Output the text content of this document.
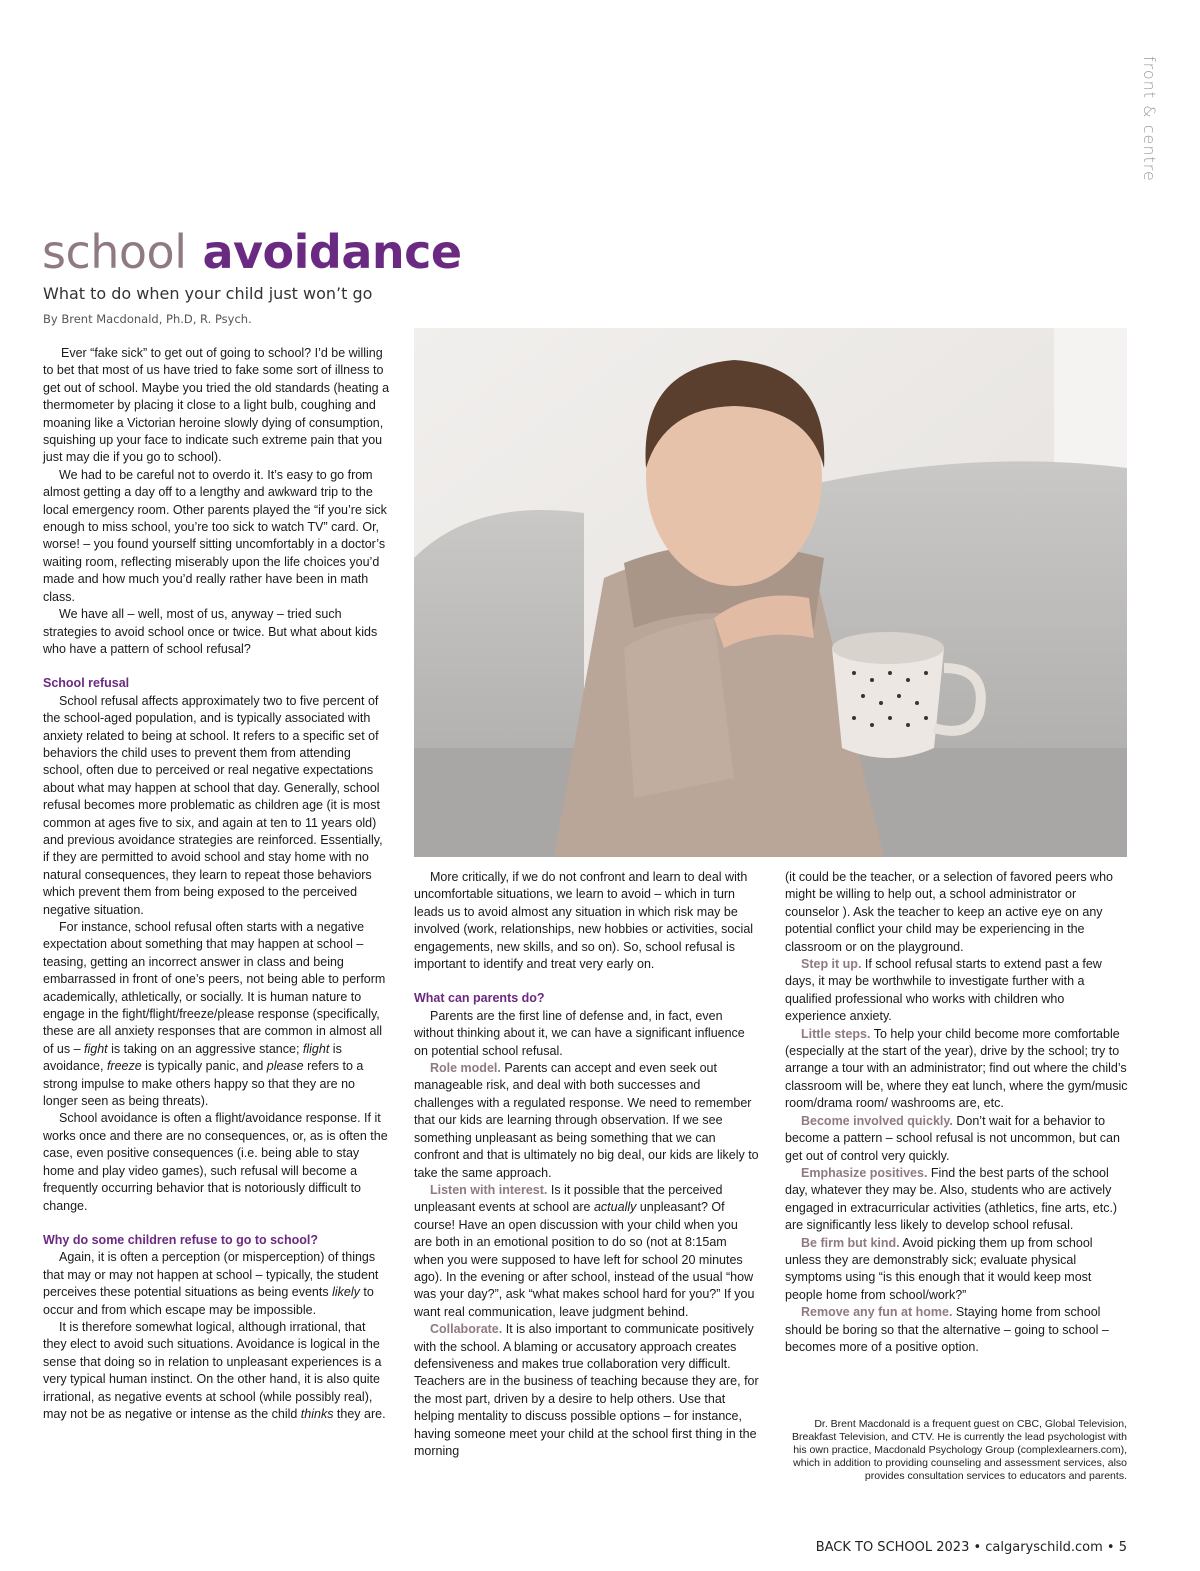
front & centre
school avoidance
What to do when your child just won’t go
By Brent Macdonald, Ph.D, R. Psych.

Ever “fake sick” to get out of going to school? I’d be willing to bet that most of us have tried to fake some sort of illness to get out of school. Maybe you tried the old standards (heating a thermometer by placing it close to a light bulb, coughing and moaning like a Victorian heroine slowly dying of consumption, squishing up your face to indicate such extreme pain that you just may die if you go to school).

We had to be careful not to overdo it. It’s easy to go from almost getting a day off to a lengthy and awkward trip to the local emergency room. Other parents played the “if you’re sick enough to miss school, you’re too sick to watch TV” card. Or, worse! – you found yourself sitting uncomfortably in a doctor’s waiting room, reflecting miserably upon the life choices you’d made and how much you’d really rather have been in math class.

We have all – well, most of us, anyway – tried such strategies to avoid school once or twice. But what about kids who have a pattern of school refusal?

School refusal

School refusal affects approximately two to five percent of the school-aged population, and is typically associated with anxiety related to being at school. It refers to a specific set of behaviors the child uses to prevent them from attending school, often due to perceived or real negative expectations about what may happen at school that day. Generally, school refusal becomes more problematic as children age (it is most common at ages five to six, and again at ten to 11 years old) and previous avoidance strategies are reinforced. Essentially, if they are permitted to avoid school and stay home with no natural consequences, they learn to repeat those behaviors which prevent them from being exposed to the perceived negative situation.

For instance, school refusal often starts with a negative expectation about something that may happen at school – teasing, getting an incorrect answer in class and being embarrassed in front of one’s peers, not being able to perform academically, athletically, or socially. It is human nature to engage in the fight/flight/freeze/please response (specifically, these are all anxiety responses that are common in almost all of us – fight is taking on an aggressive stance; flight is avoidance, freeze is typically panic, and please refers to a strong impulse to make others happy so that they are no longer seen as being threats).

School avoidance is often a flight/avoidance response. If it works once and there are no consequences, or, as is often the case, even positive consequences (i.e. being able to stay home and play video games), such refusal will become a frequently occurring behavior that is notoriously difficult to change.

Why do some children refuse to go to school?

Again, it is often a perception (or misperception) of things that may or may not happen at school – typically, the student perceives these potential situations as being events likely to occur and from which escape may be impossible.

It is therefore somewhat logical, although irrational, that they elect to avoid such situations. Avoidance is logical in the sense that doing so in relation to unpleasant experiences is a very typical human instinct. On the other hand, it is also quite irrational, as negative events at school (while possibly real), may not be as negative or intense as the child thinks they are.

More critically, if we do not confront and learn to deal with uncomfortable situations, we learn to avoid – which in turn leads us to avoid almost any situation in which risk may be involved (work, relationships, new hobbies or activities, social engagements, new skills, and so on). So, school refusal is important to identify and treat very early on.

What can parents do?

Parents are the first line of defense and, in fact, even without thinking about it, we can have a significant influence on potential school refusal.

Role model. Parents can accept and even seek out manageable risk, and deal with both successes and challenges with a regulated response. We need to remember that our kids are learning through observation. If we see something unpleasant as being something that we can confront and that is ultimately no big deal, our kids are likely to take the same approach.

Listen with interest. Is it possible that the perceived unpleasant events at school are actually unpleasant? Of course! Have an open discussion with your child when you are both in an emotional position to do so (not at 8:15am when you were supposed to have left for school 20 minutes ago). In the evening or after school, instead of the usual “how was your day?”, ask “what makes school hard for you?” If you want real communication, leave judgment behind.

Collaborate. It is also important to communicate positively with the school. A blaming or accusatory approach creates defensiveness and makes true collaboration very difficult. Teachers are in the business of teaching because they are, for the most part, driven by a desire to help others. Use that helping mentality to discuss possible options – for instance, having someone meet your child at the school first thing in the morning

(it could be the teacher, or a selection of favored peers who might be willing to help out, a school administrator or counselor ). Ask the teacher to keep an active eye on any potential conflict your child may be experiencing in the classroom or on the playground.

Step it up. If school refusal starts to extend past a few days, it may be worthwhile to investigate further with a qualified professional who works with children who experience anxiety.

Little steps. To help your child become more comfortable (especially at the start of the year), drive by the school; try to arrange a tour with an administrator; find out where the child’s classroom will be, where they eat lunch, where the gym/music room/drama room/ washrooms are, etc.

Become involved quickly. Don’t wait for a behavior to become a pattern – school refusal is not uncommon, but can get out of control very quickly.

Emphasize positives. Find the best parts of the school day, whatever they may be. Also, students who are actively engaged in extracurricular activities (athletics, fine arts, etc.) are significantly less likely to develop school refusal.

Be firm but kind. Avoid picking them up from school unless they are demonstrably sick; evaluate physical symptoms using “is this enough that it would keep most people home from school/work?”

Remove any fun at home. Staying home from school should be boring so that the alternative – going to school – becomes more of a positive option.

Dr. Brent Macdonald is a frequent guest on CBC, Global Television, Breakfast Television, and CTV. He is currently the lead psychologist with his own practice, Macdonald Psychology Group (complexlearners.com), which in addition to providing counseling and assessment services, also provides consultation services to educators and parents.
BACK TO SCHOOL 2023 • calgaryschild.com • 5
